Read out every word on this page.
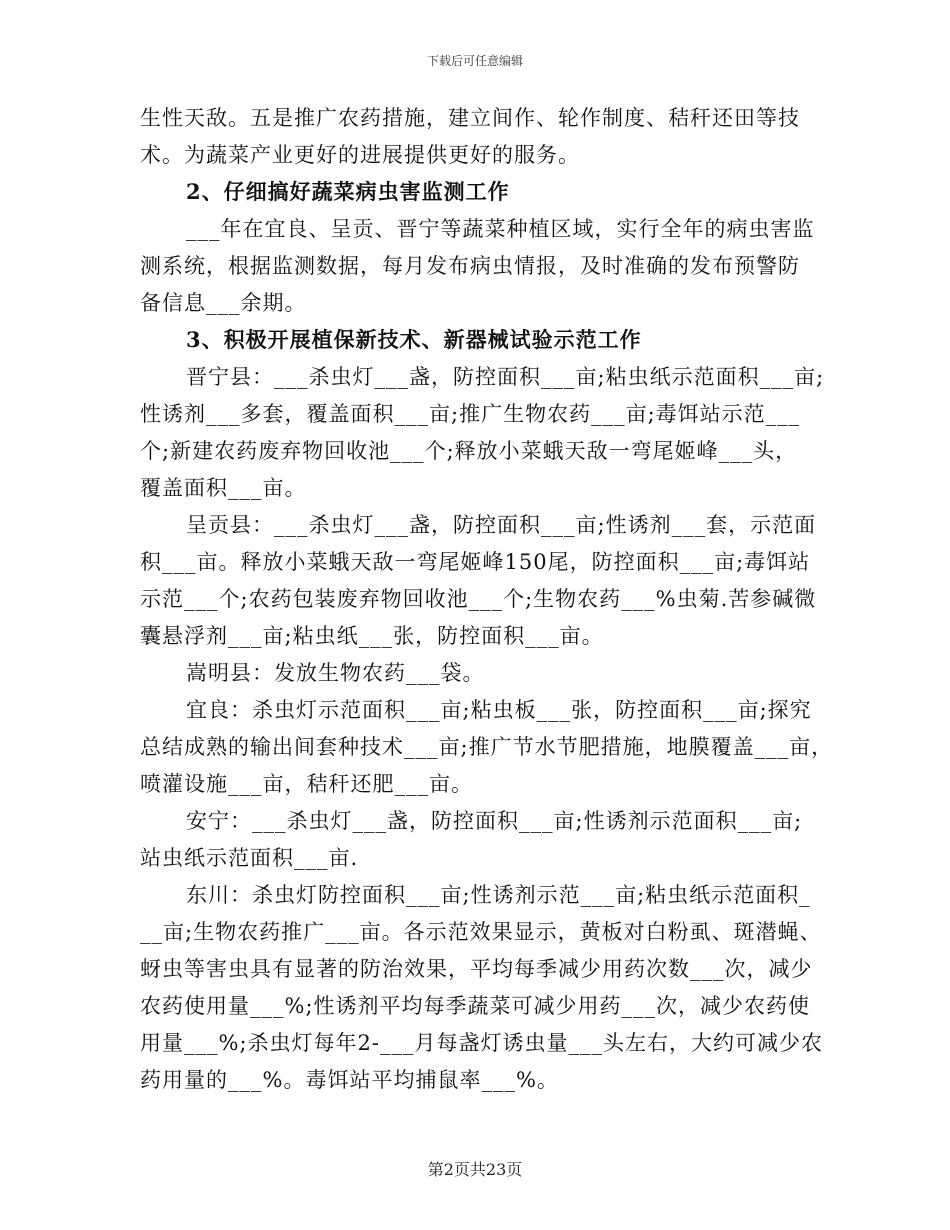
下载后可任意编辑
生性天敌。五是推广农药措施，建立间作、轮作制度、秸秆还田等技
术。为蔬菜产业更好的进展提供更好的服务。
2、仔细搞好蔬菜病虫害监测工作
___年在宜良、呈贡、晋宁等蔬菜种植区域，实行全年的病虫害监
测系统，根据监测数据，每月发布病虫情报，及时准确的发布预警防
备信息___余期。
3、积极开展植保新技术、新器械试验示范工作
晋宁县：___杀虫灯___盏，防控面积___亩;粘虫纸示范面积___亩;
性诱剂___多套，覆盖面积___亩;推广生物农药___亩;毒饵站示范___
个;新建农药废弃物回收池___个;释放小菜蛾天敌一弯尾姬峰___头，
覆盖面积___亩。
呈贡县：___杀虫灯___盏，防控面积___亩;性诱剂___套，示范面
积___亩。释放小菜蛾天敌一弯尾姬峰150尾，防控面积___亩;毒饵站
示范___个;农药包装废弃物回收池___个;生物农药___%虫菊.苦参碱微
囊悬浮剂___亩;粘虫纸___张，防控面积___亩。
嵩明县：发放生物农药___袋。
宜良：杀虫灯示范面积___亩;粘虫板___张，防控面积___亩;探究
总结成熟的输出间套种技术___亩;推广节水节肥措施，地膜覆盖___亩，
喷灌设施___亩，秸秆还肥___亩。
安宁：___杀虫灯___盏，防控面积___亩;性诱剂示范面积___亩;
站虫纸示范面积___亩.
东川：杀虫灯防控面积___亩;性诱剂示范___亩;粘虫纸示范面积_
__亩;生物农药推广___亩。各示范效果显示，黄板对白粉虱、斑潜蝇、
蚜虫等害虫具有显著的防治效果，平均每季减少用药次数___次，减少
农药使用量___%;性诱剂平均每季蔬菜可减少用药___次，减少农药使
用量___%;杀虫灯每年2-___月每盏灯诱虫量___头左右，大约可减少农
药用量的___%。毒饵站平均捕鼠率___%。
第2页共23页
